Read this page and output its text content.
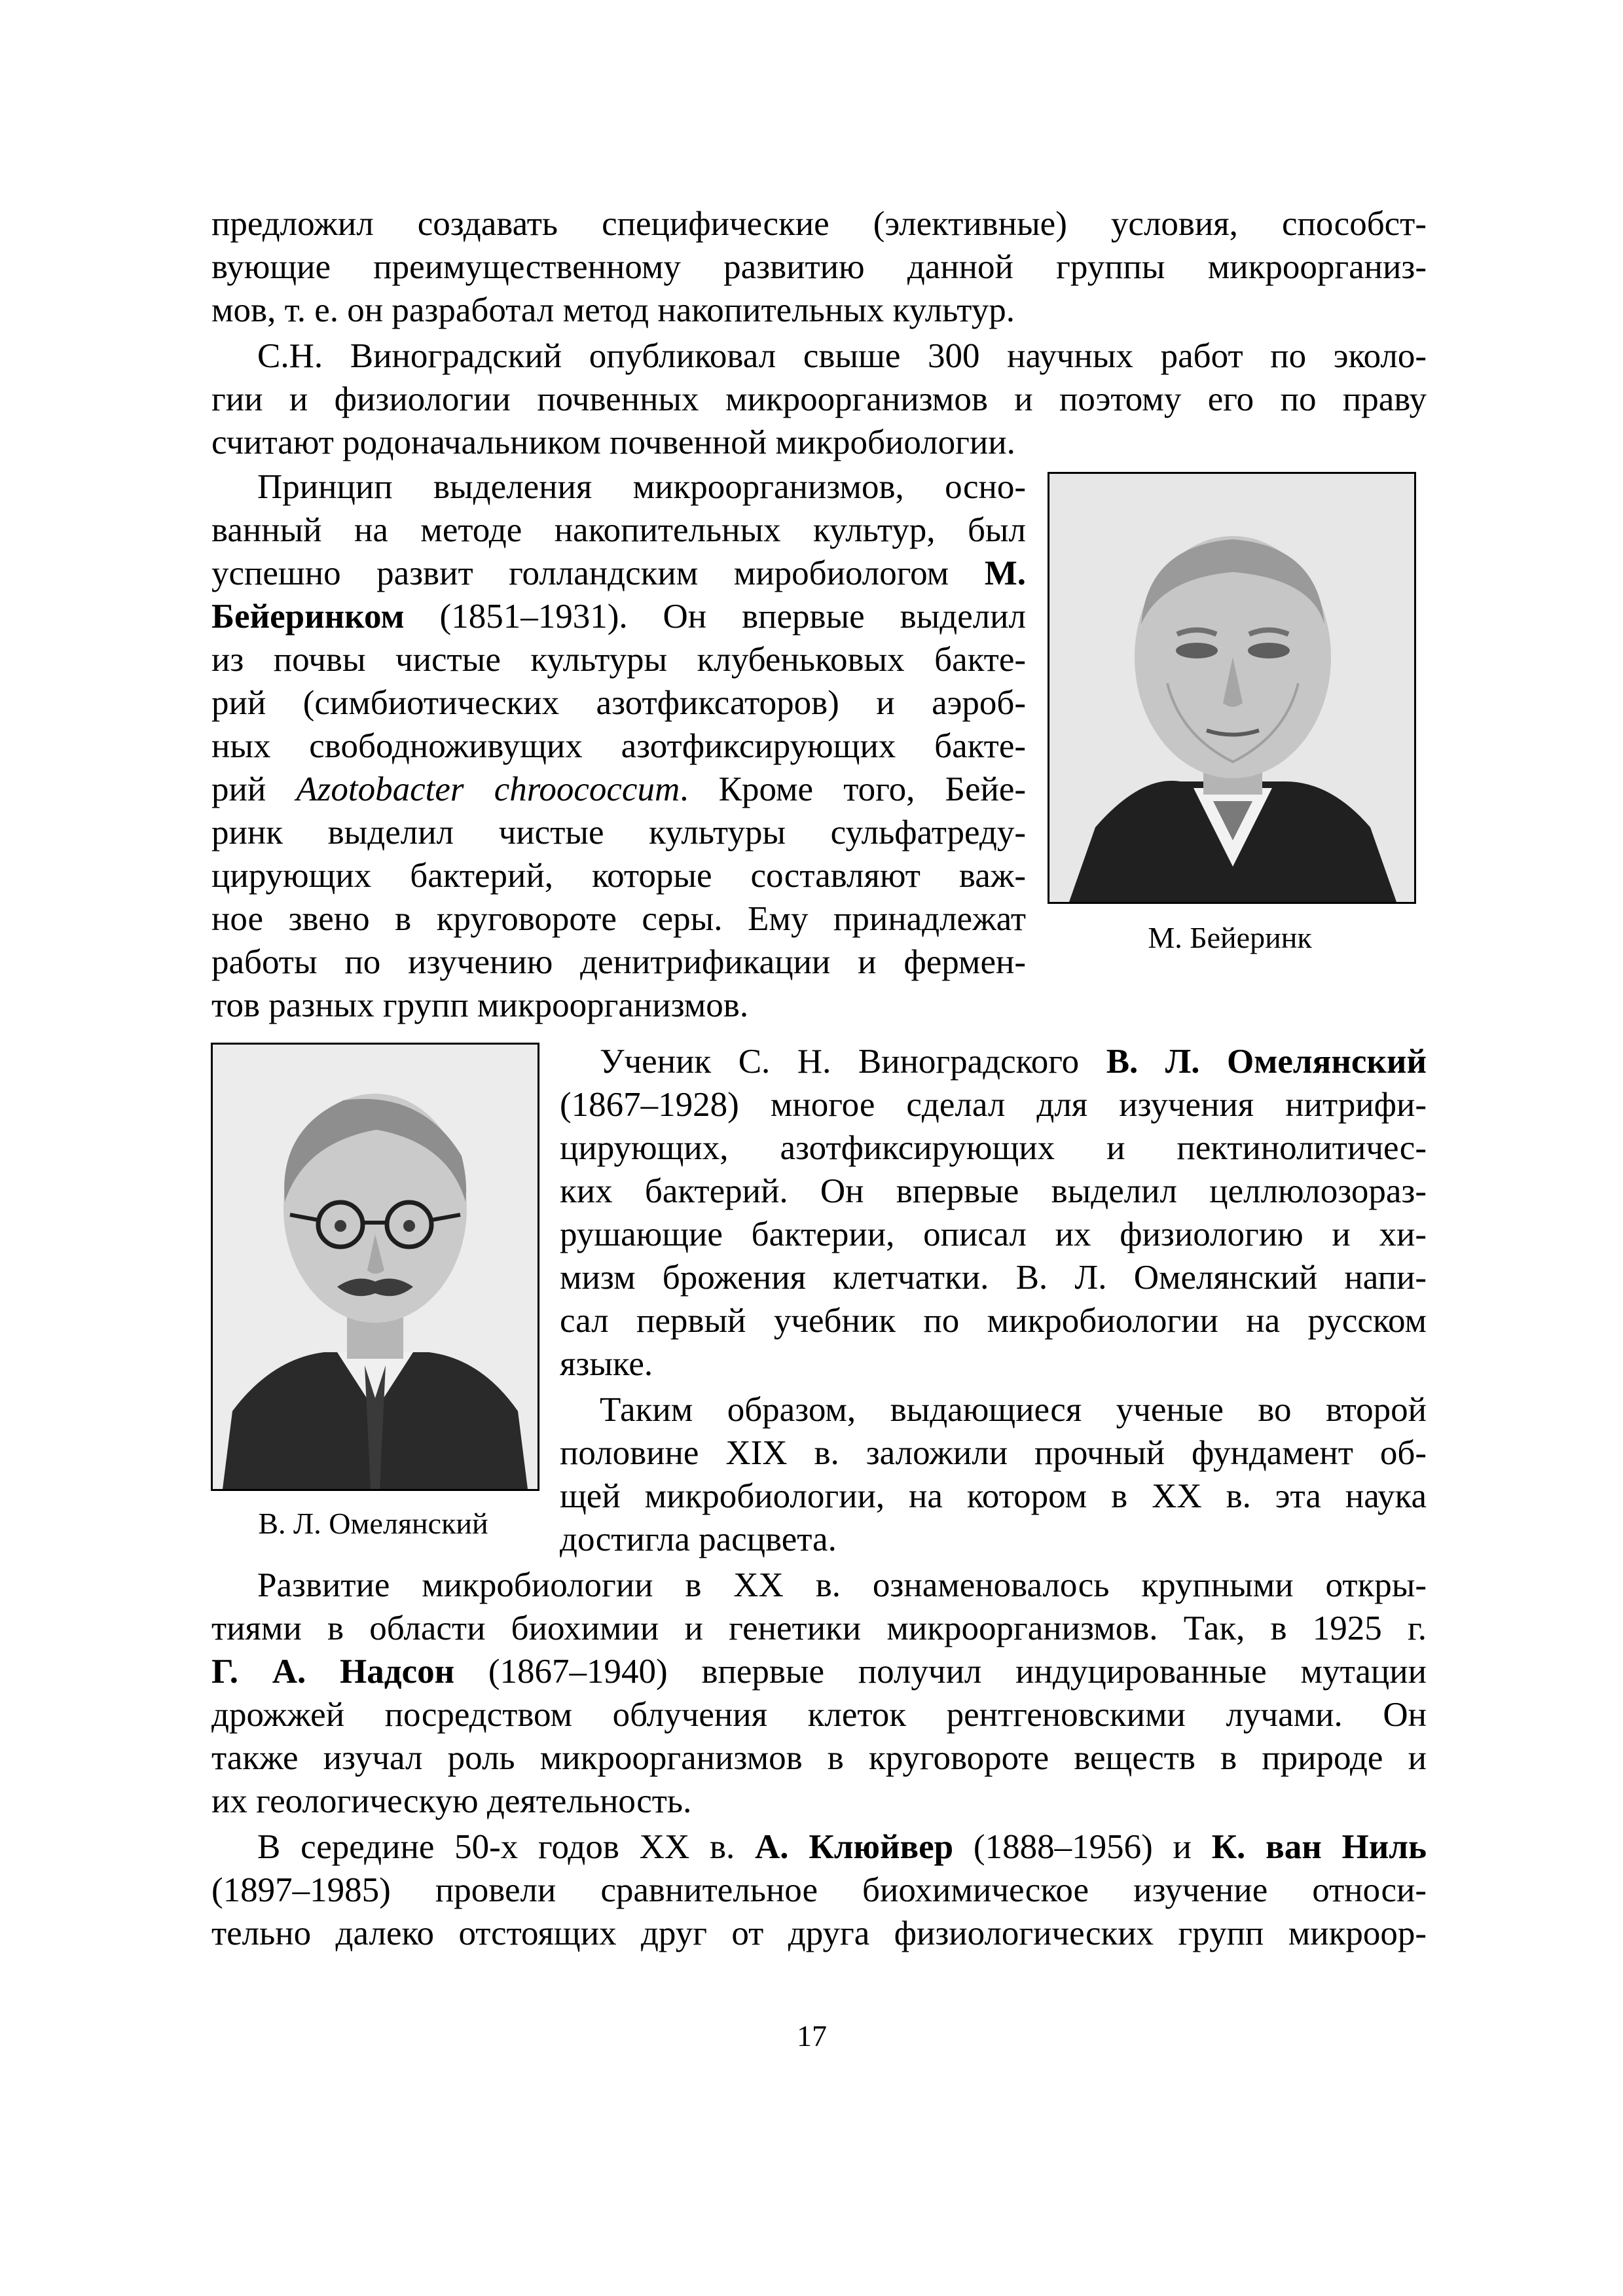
предложил создавать специфические (элективные) условия, способст-
вующие преимущественному развитию данной группы микроорганиз-
мов, т. е. он разработал метод накопительных культур.
С.Н. Виноградский опубликовал свыше 300 научных работ по эколо-
гии и физиологии почвенных микроорганизмов и поэтому его по праву
считают родоначальником почвенной микробиологии.
Принцип выделения микроорганизмов, осно-
ванный на методе накопительных культур, был
успешно развит голландским миробиологом М.
Бейеринком (1851–1931). Он впервые выделил
из почвы чистые культуры клубеньковых бакте-
рий (симбиотических азотфиксаторов) и аэроб-
ных свободноживущих азотфиксирующих бакте-
рий Azotobacter chroococcum. Кроме того, Бейе-
ринк выделил чистые культуры сульфатреду-
цирующих бактерий, которые составляют важ-
ное звено в круговороте серы. Ему принадлежат
работы по изучению денитрификации и фермен-
тов разных групп микроорганизмов.
М. Бейеринк
В. Л. Омелянский
Ученик С. Н. Виноградского В. Л. Омелянский
(1867–1928) многое сделал для изучения нитрифи-
цирующих, азотфиксирующих и пектинолитичес-
ких бактерий. Он впервые выделил целлюлозораз-
рушающие бактерии, описал их физиологию и хи-
мизм брожения клетчатки. В. Л. Омелянский напи-
сал первый учебник по микробиологии на русском
языке.
Таким образом, выдающиеся ученые во второй
половине XIX в. заложили прочный фундамент об-
щей микробиологии, на котором в XX в. эта наука
достигла расцвета.
Развитие микробиологии в XX в. ознаменовалось крупными откры-
тиями в области биохимии и генетики микроорганизмов. Так, в 1925 г.
Г. А. Надсон (1867–1940) впервые получил индуцированные мутации
дрожжей посредством облучения клеток рентгеновскими лучами. Он
также изучал роль микроорганизмов в круговороте веществ в природе и
их геологическую деятельность.
В середине 50-х годов XX в. А. Клюйвер (1888–1956) и К. ван Ниль
(1897–1985) провели сравнительное биохимическое изучение относи-
тельно далеко отстоящих друг от друга физиологических групп микроор-
17
